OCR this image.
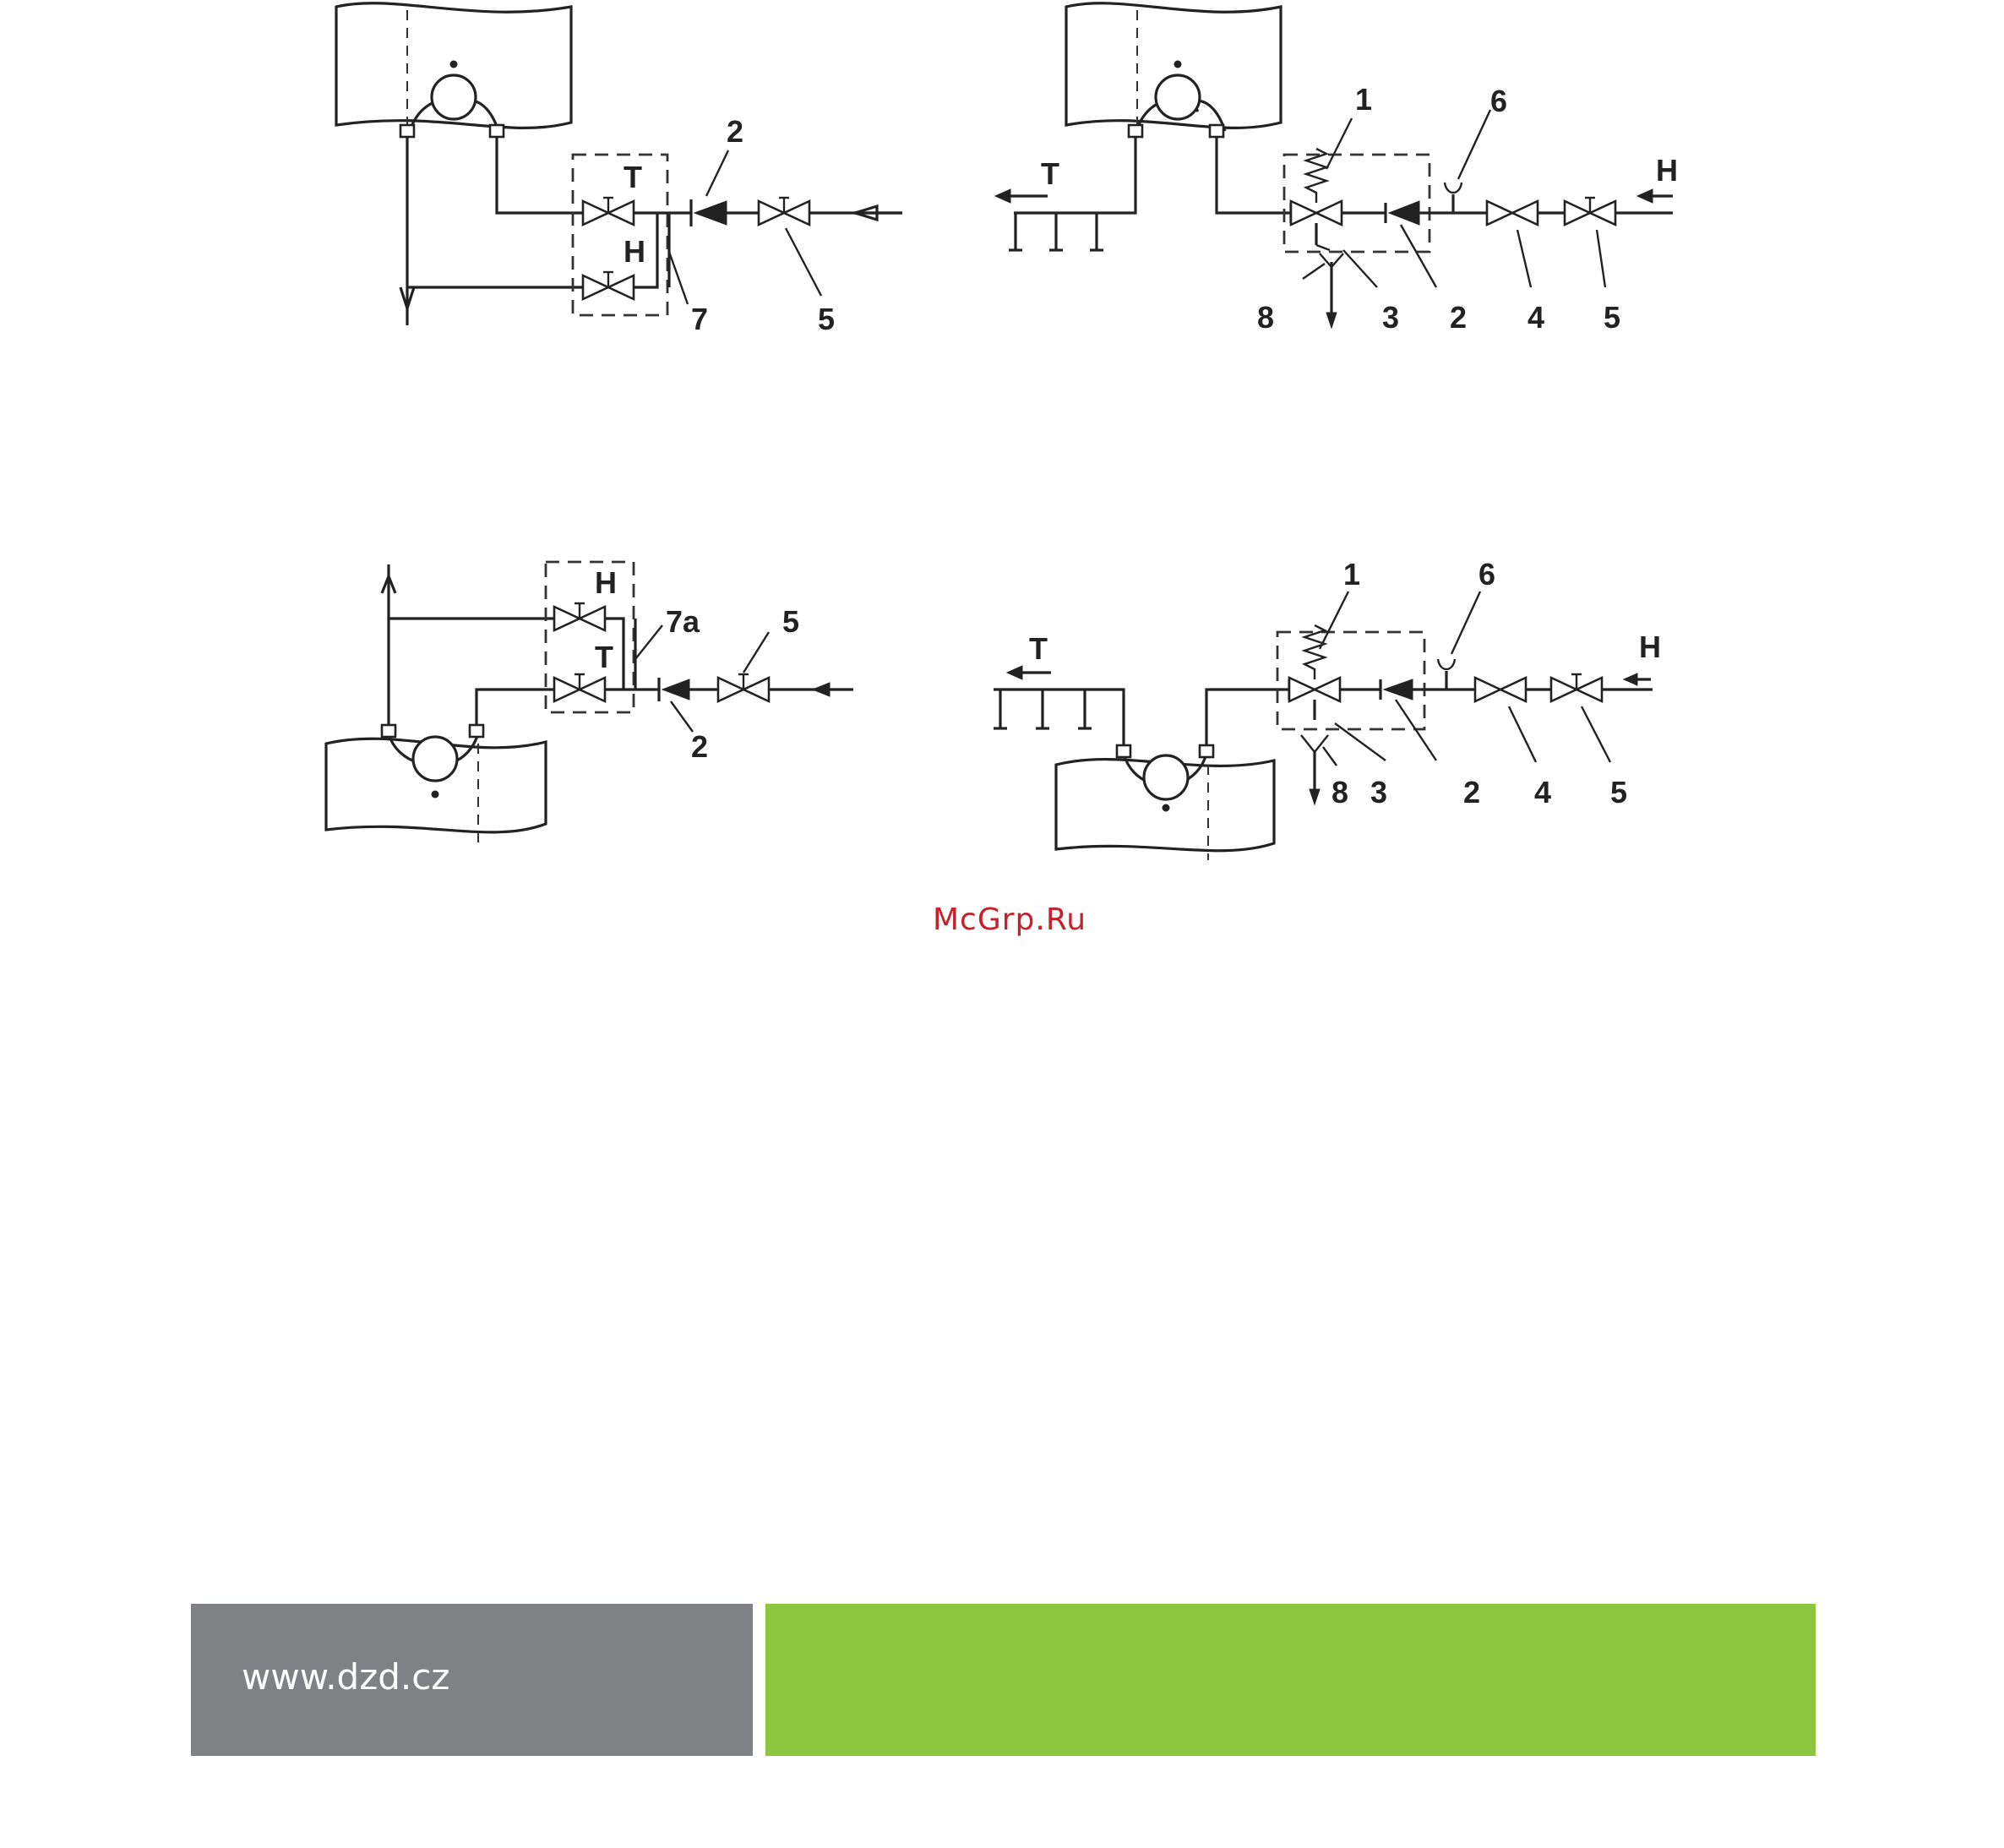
T
H
2
7	5
T	H
1	6
8	3 2 4 5
H
T
7a	5
2
T	H
1	6
8 3 2 4 5
McGrp.Ru
www.dzd.cz
